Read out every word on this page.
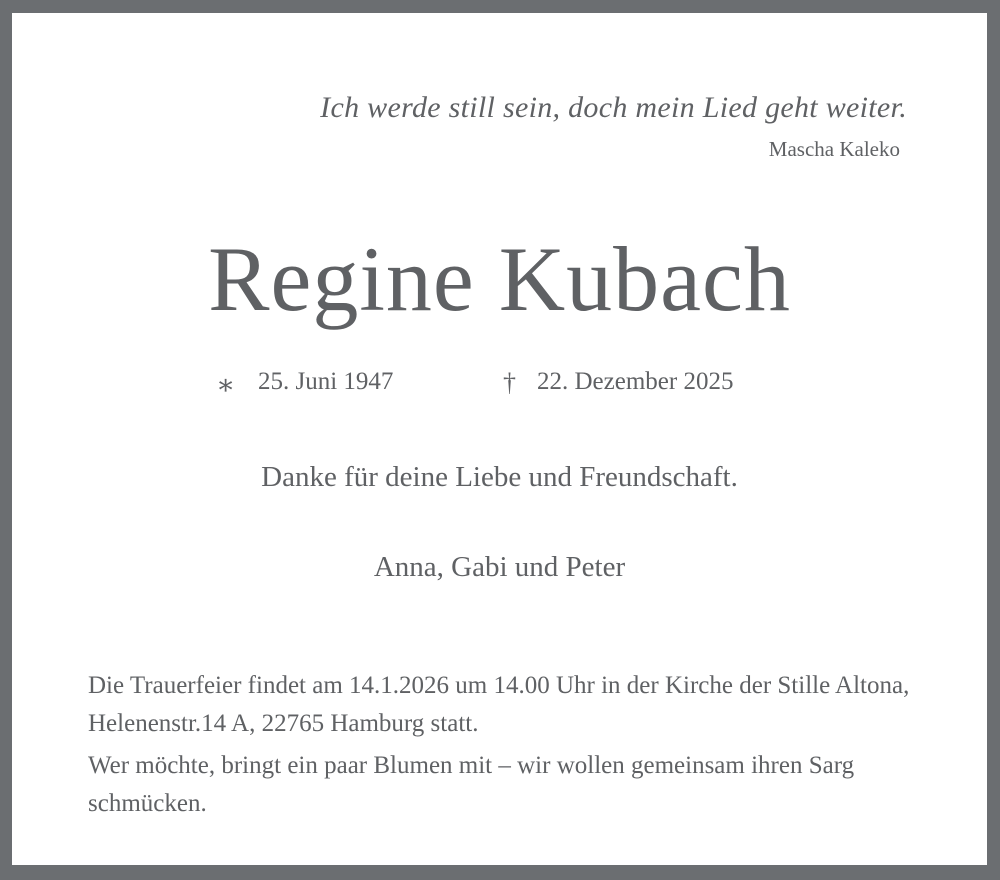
Ich werde still sein, doch mein Lied geht weiter.
Mascha Kaleko
Regine Kubach
∗ 25. Juni 1947	† 22. Dezember 2025
Danke für deine Liebe und Freundschaft.
Anna, Gabi und Peter

Die Trauerfeier findet am 14.1.2026 um 14.00 Uhr in der Kirche der Stille Altona, Helenenstr.14 A, 22765 Hamburg statt.

Wer möchte, bringt ein paar Blumen mit – wir wollen gemeinsam ihren Sarg schmücken.
